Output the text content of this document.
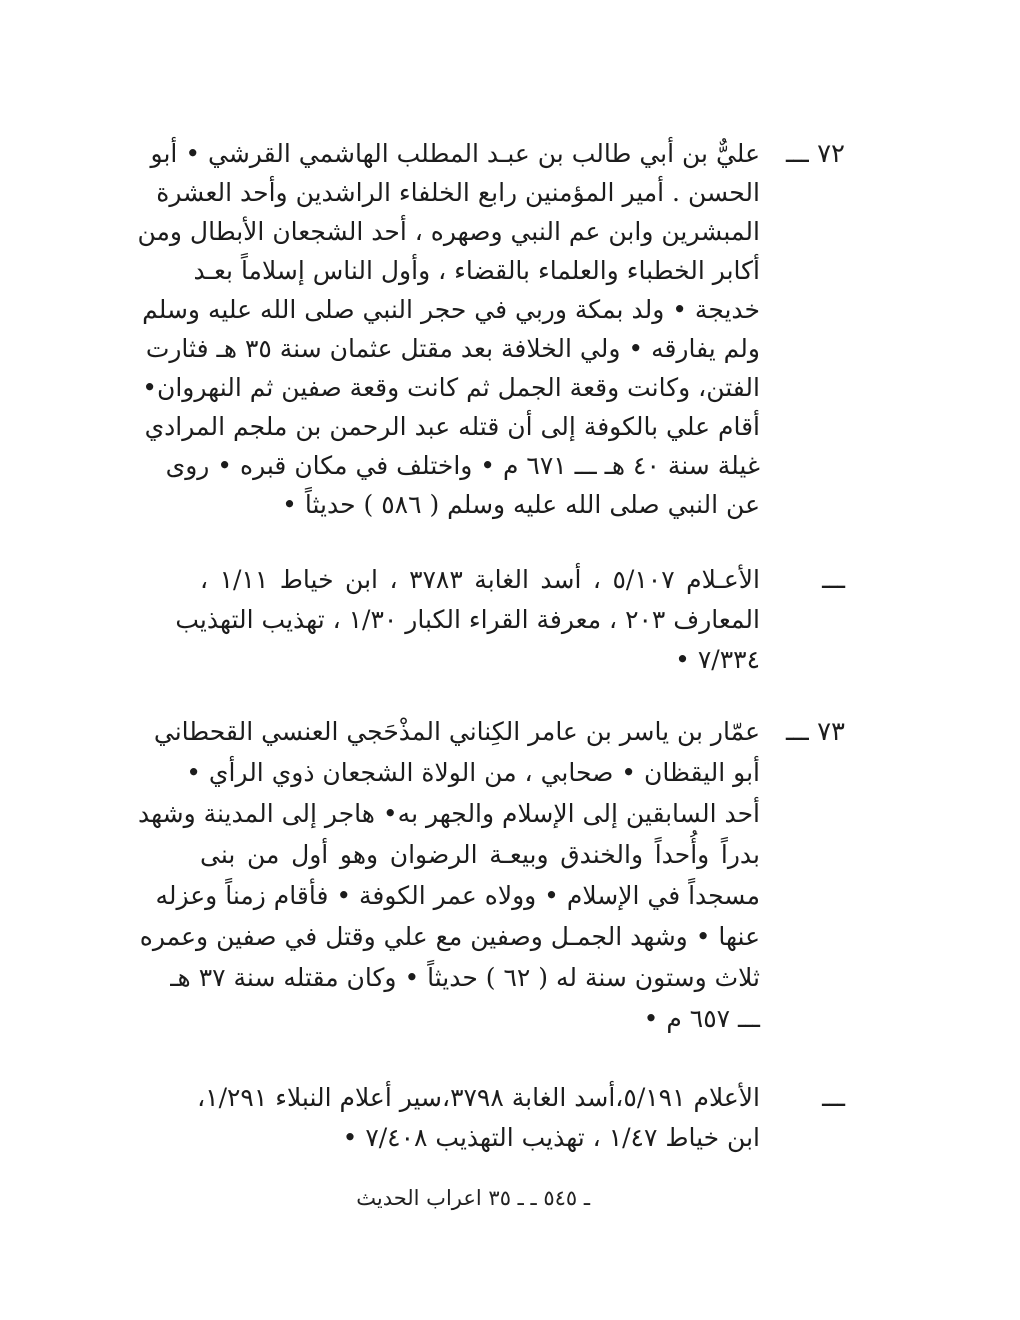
٧٢ ـــ
عليٌّ بن أبي طالب بن عبـد المطلب الهاشمي القرشي • أبو
الحسن . أمير المؤمنين رابع الخلفاء الراشدين وأحد العشرة
المبشرين وابن عم النبي وصهره ، أحد الشجعان الأبطال ومن
أكابر الخطباء والعلماء بالقضاء ، وأول الناس إسلاماً بعـد
خديجة • ولد بمكة وربي في حجر النبي صلى الله عليه وسلم
ولم يفارقه • ولي الخلافة بعد مقتل عثمان سنة ٣٥ هـ فثارت
الفتن، وكانت وقعة الجمل ثم كانت وقعة صفين ثم النهروان•
أقام علي بالكوفة إلى أن قتله عبد الرحمن بن ملجم المرادي
غيلة سنة ٤٠ هـ ـــ ٦٧١ م • واختلف في مكان قبره • روى
عن النبي صلى الله عليه وسلم ( ٥٨٦ ) حديثاً •
ـــ
الأعـلام ٥/١٠٧ ، أسد الغابة ٣٧٨٣ ، ابن خياط ١/١١ ،
المعارف ٢٠٣ ، معرفة القراء الكبار ١/٣٠ ، تهذيب التهذيب
٧/٣٣٤ •
٧٣ ـــ
عمّار بن ياسر بن عامر الكِناني المذْحَجي العنسي القحطاني
أبو اليقظان • صحابي ، من الولاة الشجعان ذوي الرأي •
أحد السابقين إلى الإسلام والجهر به• هاجر إلى المدينة وشهد
بدراً وأُحداً والخندق وبيعـة الرضوان وهو أول من بنى
مسجداً في الإسلام • وولاه عمر الكوفة • فأقام زمناً وعزله
عنها • وشهد الجمـل وصفين مع علي وقتل في صفين وعمره
ثلاث وستون سنة له ( ٦٢ ) حديثاً • وكان مقتله سنة ٣٧ هـ
ـــ ٦٥٧ م •
ـــ
الأعلام ٥/١٩١،أسد الغابة ٣٧٩٨،سير أعلام النبلاء ١/٢٩١،
ابن خياط ١/٤٧ ، تهذيب التهذيب ٧/٤٠٨ •
ـ ٥٤٥ ـ ـ ٣٥ اعراب الحديث
